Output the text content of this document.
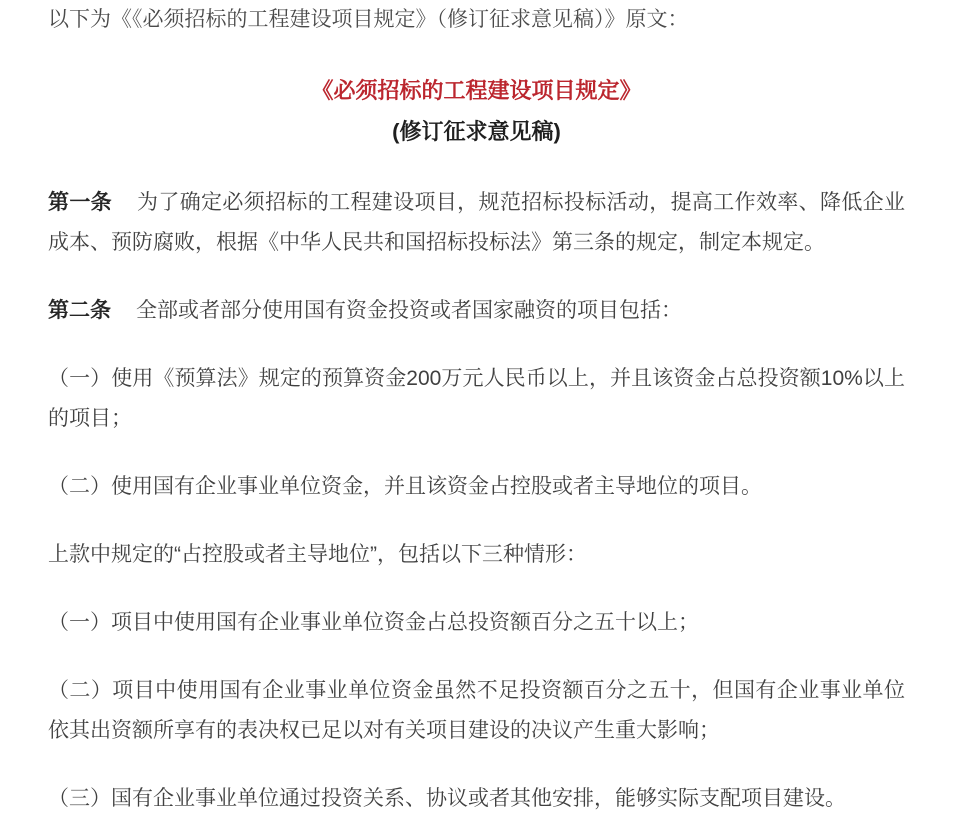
以下为《《必须招标的工程建设项目规定》（修订征求意见稿）》原文：

《必须招标的工程建设项目规定》
(修订征求意见稿)

第一条 为了确定必须招标的工程建设项目，规范招标投标活动，提高工作效率、降低企业成本、预防腐败，根据《中华人民共和国招标投标法》第三条的规定，制定本规定。

第二条 全部或者部分使用国有资金投资或者国家融资的项目包括：

（一）使用《预算法》规定的预算资金200万元人民币以上，并且该资金占总投资额10%以上的项目；

（二）使用国有企业事业单位资金，并且该资金占控股或者主导地位的项目。

上款中规定的“占控股或者主导地位”，包括以下三种情形：

（一）项目中使用国有企业事业单位资金占总投资额百分之五十以上；

（二）项目中使用国有企业事业单位资金虽然不足投资额百分之五十，但国有企业事业单位依其出资额所享有的表决权已足以对有关项目建设的决议产生重大影响；

（三）国有企业事业单位通过投资关系、协议或者其他安排，能够实际支配项目建设。
